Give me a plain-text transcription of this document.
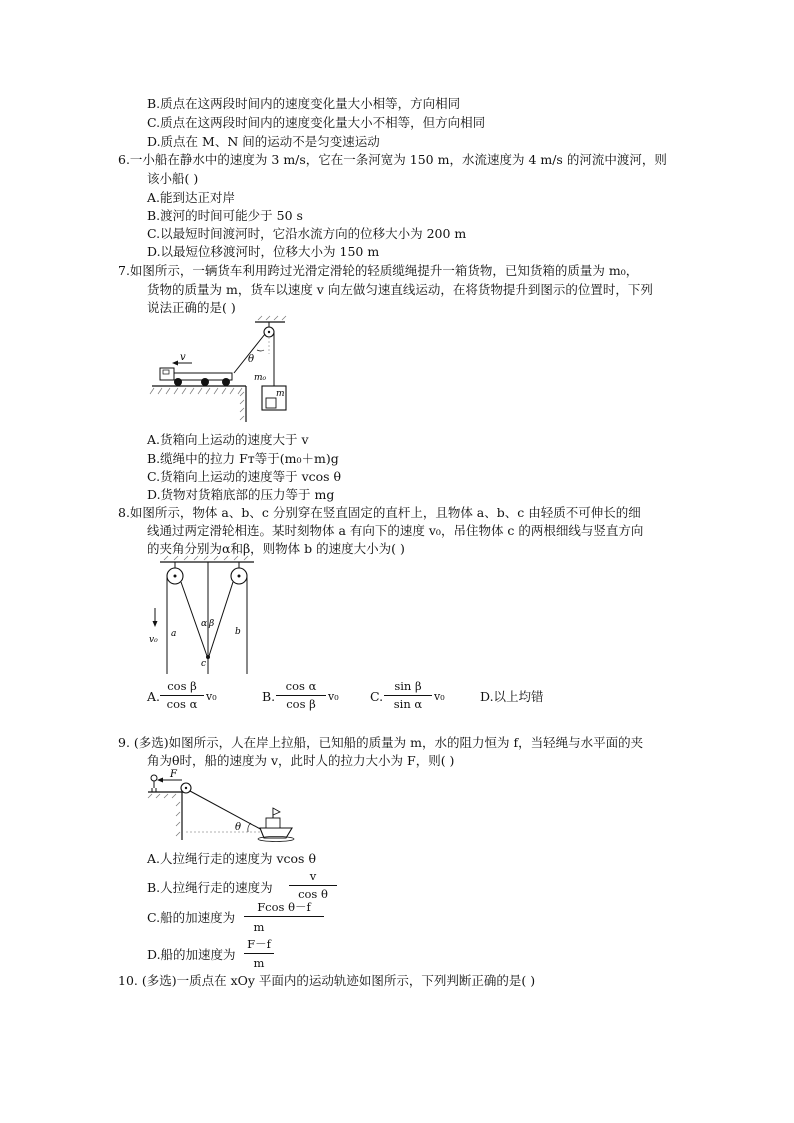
B.质点在这两段时间内的速度变化量大小相等，方向相同
C.质点在这两段时间内的速度变化量大小不相等，但方向相同
D.质点在 M、N 间的运动不是匀变速运动
6.一小船在静水中的速度为 3 m/s，它在一条河宽为 150 m，水流速度为 4 m/s 的河流中渡河，则
该小船( )
A.能到达正对岸
B.渡河的时间可能少于 50 s
C.以最短时间渡河时，它沿水流方向的位移大小为 200 m
D.以最短位移渡河时，位移大小为 150 m
7.如图所示，一辆货车利用跨过光滑定滑轮的轻质缆绳提升一箱货物，已知货箱的质量为 m₀，
货物的质量为 m，货车以速度 v 向左做匀速直线运动，在将货物提升到图示的位置时，下列
说法正确的是( )
v	θ
m₀
m
A.货箱向上运动的速度大于 v
B.缆绳中的拉力 Fᴛ等于(m₀＋m)g
C.货箱向上运动的速度等于 vcos θ
D.货物对货箱底部的压力等于 mg
8.如图所示，物体 a、b、c 分别穿在竖直固定的直杆上，且物体 a、b、c 由轻质不可伸长的细
线通过两定滑轮相连。某时刻物体 a 有向下的速度 v₀，吊住物体 c 的两根细线与竖直方向
的夹角分别为α和β，则物体 b 的速度大小为( )
v₀
a	b
c
α β
A.
cos β
cos α
v₀	B.
cos α
cos β
v₀	C.
sin β
sin α
v₀	D.以上均错
9. (多选)如图所示，人在岸上拉船，已知船的质量为 m，水的阻力恒为 f，当轻绳与水平面的夹
角为θ时，船的速度为 v，此时人的拉力大小为 F，则( )
F
θ
A.人拉绳行走的速度为 vcos θ
B.人拉绳行走的速度为
v
cos θ
C.船的加速度为
Fcos θ－f
m
D.船的加速度为
F－f
m
10. (多选)一质点在 xOy 平面内的运动轨迹如图所示，下列判断正确的是( )
